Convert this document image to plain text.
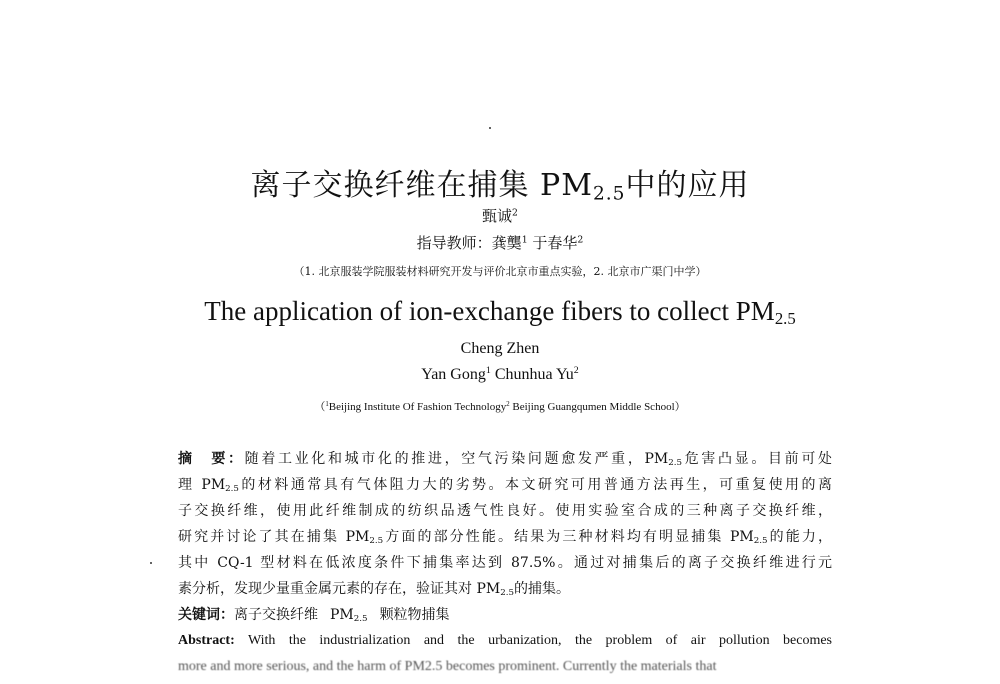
离子交换纤维在捕集 $PM_{2.5}$中的应用
甄诚$^2$
指导教师：龚龑$^1$ 于春华$^2$
（1. 北京服装学院服装材料研究开发与评价北京市重点实验，2. 北京市广渠门中学）
The application of ion-exchange fibers to collect $PM_{2.5}$
Cheng Zhen
Yan Gong$^1$ Chunhua Yu$^2$
（$^1$Beijing Institute Of Fashion Technology$^2$ Beijing Guangqumen Middle School）
摘　要：随着工业化和城市化的推进，空气污染问题愈发严重，$PM_{2.5}$危害凸显。目前可处
理 $PM_{2.5}$的材料通常具有气体阻力大的劣势。本文研究可用普通方法再生，可重复使用的离
子交换纤维，使用此纤维制成的纺织品透气性良好。使用实验室合成的三种离子交换纤维，
研究并讨论了其在捕集 $PM_{2.5}$方面的部分性能。结果为三种材料均有明显捕集 $PM_{2.5}$的能力，
其中 CQ-1 型材料在低浓度条件下捕集率达到 87.5%。通过对捕集后的离子交换纤维进行元
素分析，发现少量重金属元素的存在，验证其对 $PM_{2.5}$的捕集。
关键词：离子交换纤维 $PM_{2.5}$ 颗粒物捕集
Abstract: With the industrialization and the urbanization, the problem of air pollution becomes
more and more serious, and the harm of PM2.5 becomes prominent. Currently the materials that
